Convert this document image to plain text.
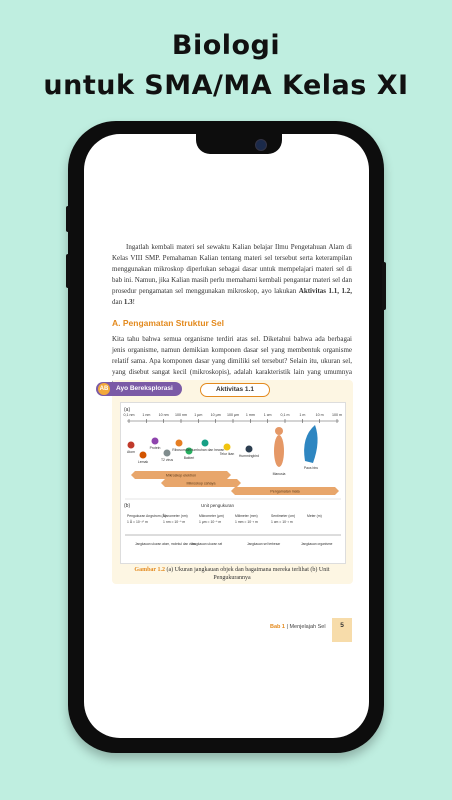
Biologi
untuk SMA/MA Kelas XI

Ingatlah kembali materi sel sewaktu Kalian belajar Ilmu Pengetahuan Alam di Kelas VIII SMP. Pemahaman Kalian tentang materi sel tersebut serta keterampilan menggunakan mikroskop diperlukan sebagai dasar untuk mempelajari materi sel di bab ini. Namun, jika Kalian masih perlu memahami kembali pengantar materi sel dan prosedur pengamatan sel menggunakan mikroskop, ayo lakukan Aktivitas 1.1, 1.2, dan 1.3!

A. Pengamatan Struktur Sel

Kita tahu bahwa semua organisme terdiri atas sel. Diketahui bahwa ada berbagai jenis organisme, namun demikian komponen dasar sel yang membentuk organisme relatif sama. Apa komponen dasar yang dimiliki sel tersebut? Selain itu, ukuran sel, yang disebut sangat kecil (mikroskopis), adalah karakteristik lain yang umumnya

AB Ayo Bereksplorasi	Aktivitas 1.1
(a)
0,1 nm 1 nm 10 nm 100 nm 1 µm 10 µm 100 µm 1 mm 1 cm 0,1 m	1 m	10 m 100 m
Atom
Lemak
Protein
T2 virus
Ribosom
Bakteri
Sel tumbuhan dan hewan
Telur ikan Hummingbird
Manusia
Paus biru
Mikroskop elektron
Mikroskop cahaya
Pengamatan mata
(b)	Unit pengukuran
Pengukuran Angstrom (Å)
1 Å = 10⁻¹⁰ m
Nanometer (nm)
1 nm = 10⁻⁹ m
Mikrometer (µm)
1 µm = 10⁻⁶ m
Milimeter (mm)
1 mm = 10⁻³ m
Sentimeter (cm)
1 cm = 10⁻² m
Meter (m)
Jangkauan ukuran atom, molekul dan virus
Jangkauan ukuran sel	Jangkauan sel terbesar	Jangkauan organisme
Gambar 1.2 (a) Ukuran jangkauan objek dan bagaimana mereka terlihat (b) Unit Pengukurannya
Bab 1 | Menjelajah Sel	5
